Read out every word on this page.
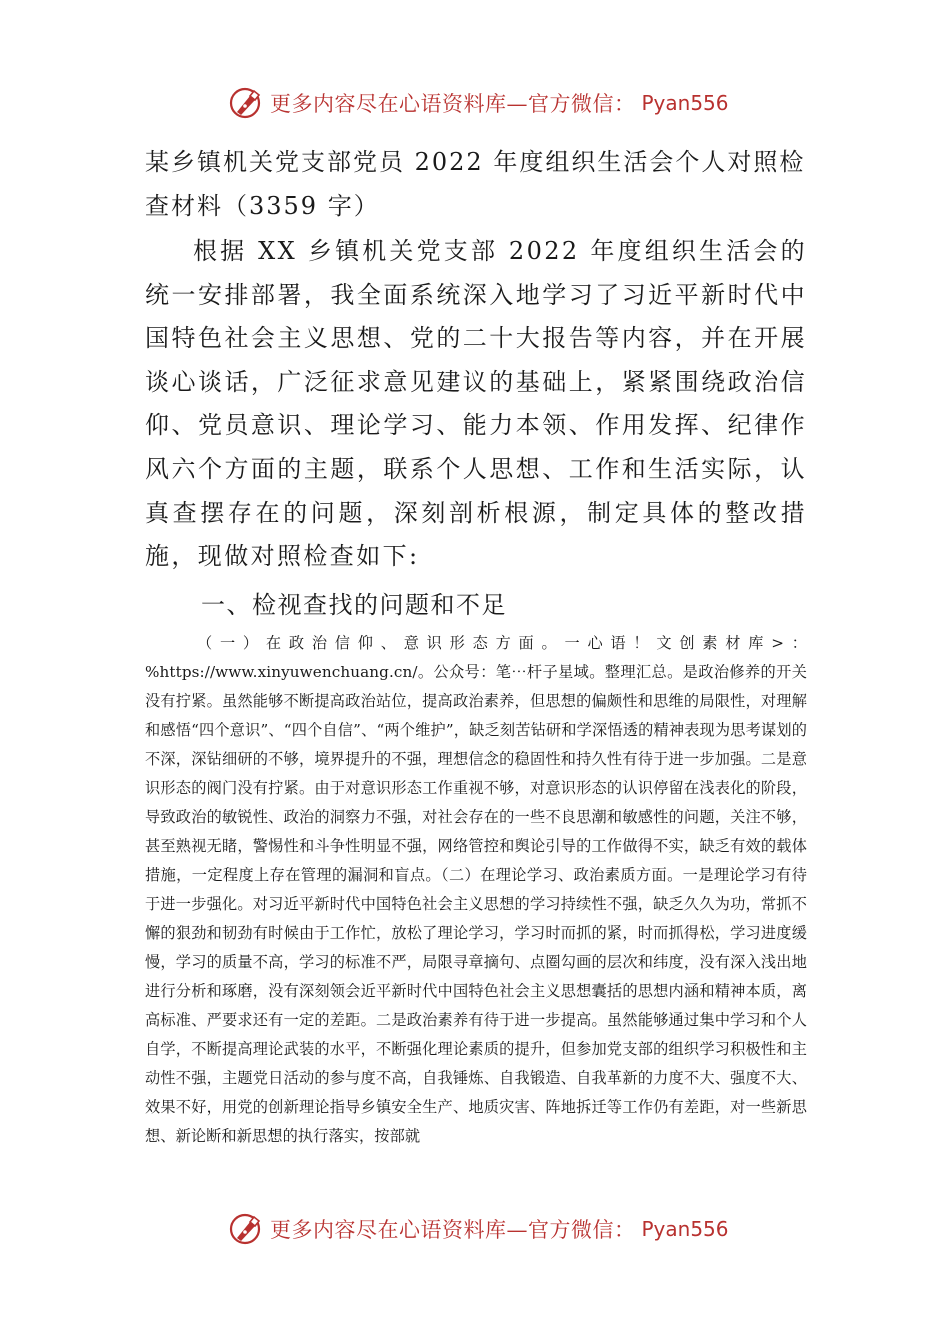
更多内容尽在心语资料库—官方微信： Pyan556
某乡镇机关党支部党员 2022 年度组织生活会个人对照检查材料（3359 字）

根据 XX 乡镇机关党支部 2022 年度组织生活会的统一安排部署，我全面系统深入地学习了习近平新时代中国特色社会主义思想、党的二十大报告等内容，并在开展谈心谈话，广泛征求意见建议的基础上，紧紧围绕政治信仰、党员意识、理论学习、能力本领、作用发挥、纪律作风六个方面的主题，联系个人思想、工作和生活实际，认真查摆存在的问题，深刻剖析根源，制定具体的整改措施，现做对照检查如下:

一、检视查找的问题和不足

（一）在政治信仰、意识形态方面。一心语！文创素材库>：%https://www.xinyuwenchuang.cn/。公众号：笔⋯杆子星域。整理汇总。是政治修养的开关没有拧紧。虽然能够不断提高政治站位，提高政治素养，但思想的偏颇性和思维的局限性，对理解和感悟“四个意识”、“四个自信”、“两个维护”，缺乏刻苦钻研和学深悟透的精神表现为思考谋划的不深，深钻细研的不够，境界提升的不强，理想信念的稳固性和持久性有待于进一步加强。二是意识形态的阀门没有拧紧。由于对意识形态工作重视不够，对意识形态的认识停留在浅表化的阶段，导致政治的敏锐性、政治的洞察力不强，对社会存在的一些不良思潮和敏感性的问题，关注不够，甚至熟视无睹，警惕性和斗争性明显不强，网络管控和舆论引导的工作做得不实，缺乏有效的载体措施，一定程度上存在管理的漏洞和盲点。（二）在理论学习、政治素质方面。一是理论学习有待于进一步强化。对习近平新时代中国特色社会主义思想的学习持续性不强，缺乏久久为功，常抓不懈的狠劲和韧劲有时候由于工作忙，放松了理论学习，学习时而抓的紧，时而抓得松，学习进度缓慢，学习的质量不高，学习的标准不严，局限寻章摘句、点圈勾画的层次和纬度，没有深入浅出地进行分析和琢磨，没有深刻领会近平新时代中国特色社会主义思想囊括的思想内涵和精神本质，离高标准、严要求还有一定的差距。二是政治素养有待于进一步提高。虽然能够通过集中学习和个人自学，不断提高理论武装的水平，不断强化理论素质的提升，但参加党支部的组织学习积极性和主动性不强，主题党日活动的参与度不高，自我锤炼、自我锻造、自我革新的力度不大、强度不大、效果不好，用党的创新理论指导乡镇安全生产、地质灾害、阵地拆迁等工作仍有差距，对一些新思想、新论断和新思想的执行落实，按部就

更多内容尽在心语资料库—官方微信： Pyan556
